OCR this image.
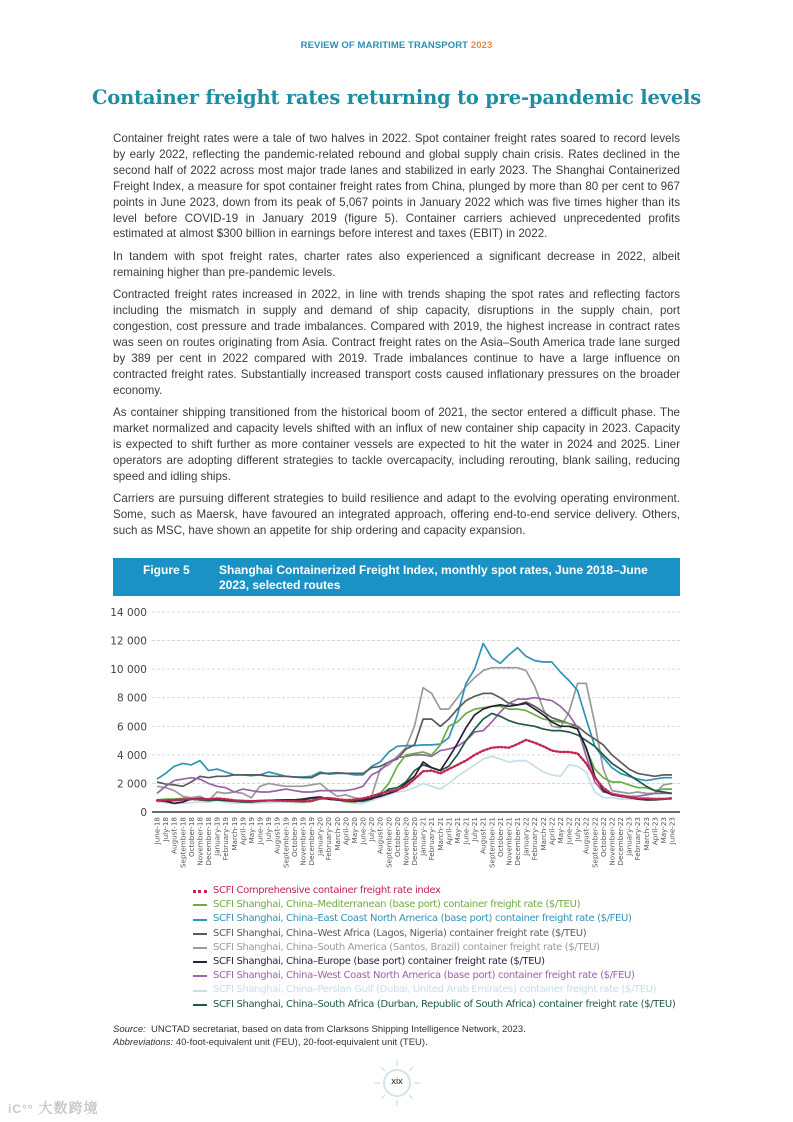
REVIEW OF MARITIME TRANSPORT 2023
Container freight rates returning to pre-pandemic levels

Container freight rates were a tale of two halves in 2022. Spot container freight rates soared to record levels by early 2022, reflecting the pandemic-related rebound and global supply chain crisis. Rates declined in the second half of 2022 across most major trade lanes and stabilized in early 2023. The Shanghai Containerized Freight Index, a measure for spot container freight rates from China, plunged by more than 80 per cent to 967 points in June 2023, down from its peak of 5,067 points in January 2022 which was five times higher than its level before COVID-19 in January 2019 (figure 5). Container carriers achieved unprecedented profits estimated at almost $300 billion in earnings before interest and taxes (EBIT) in 2022.

In tandem with spot freight rates, charter rates also experienced a significant decrease in 2022, albeit remaining higher than pre-pandemic levels.

Contracted freight rates increased in 2022, in line with trends shaping the spot rates and reflecting factors including the mismatch in supply and demand of ship capacity, disruptions in the supply chain, port congestion, cost pressure and trade imbalances. Compared with 2019, the highest increase in contract rates was seen on routes originating from Asia. Contract freight rates on the Asia–South America trade lane surged by 389 per cent in 2022 compared with 2019. Trade imbalances continue to have a large influence on contracted freight rates. Substantially increased transport costs caused inflationary pressures on the broader economy.

As container shipping transitioned from the historical boom of 2021, the sector entered a difficult phase. The market normalized and capacity levels shifted with an influx of new container ship capacity in 2023. Capacity is expected to shift further as more container vessels are expected to hit the water in 2024 and 2025. Liner operators are adopting different strategies to tackle overcapacity, including rerouting, blank sailing, reducing speed and idling ships.

Carriers are pursuing different strategies to build resilience and adapt to the evolving operating environment. Some, such as Maersk, have favoured an integrated approach, offering end-to-end service delivery. Others, such as MSC, have shown an appetite for ship ordering and capacity expansion.

Figure 5 Shanghai Containerized Freight Index, monthly spot rates, June 2018–June 2023, selected routes
0
2 000
4 000
6 000
8 000
10 000
12 000
14 000
June-18 July-18 August-18 September-18 October-18 November-18 December-18 January-19 February-19 March-19 April-19 May-19 June-19 July-19 August-19 September-19 October-19 November-19 December-19 January-20 February-20 March-20 April-20 May-20 June-20 July-20 August-20 September-20 October-20 November-20 December-20 January-21 February-21 March-21 April-21 May-21 June-21 July-21 August-21 September-21 October-21 November-21 December-21 January-22 February-22 March-22 April-22 May-22 June-22 July-22 August-22 September-22 October-22 November-22 December-22 January-23 February-23 March-23 April-23 May-23 June-23
SCFI Comprehensive container freight rate index
SCFI Shanghai, China–Mediterranean (base port) container freight rate ($/TEU)
SCFI Shanghai, China–East Coast North America (base port) container freight rate ($/FEU)
SCFI Shanghai, China–West Africa (Lagos, Nigeria) container freight rate ($/TEU)
SCFI Shanghai, China–South America (Santos, Brazil) container freight rate ($/TEU)
SCFI Shanghai, China–Europe (base port) container freight rate ($/TEU)
SCFI Shanghai, China–West Coast North America (base port) container freight rate ($/FEU)
SCFI Shanghai, China–Persian Gulf (Dubai, United Arab Emirates) container freight rate ($/TEU)
SCFI Shanghai, China–South Africa (Durban, Republic of South Africa) container freight rate ($/TEU)
Source: UNCTAD secretariat, based on data from Clarksons Shipping Intelligence Network, 2023.
Abbreviations: 40-foot-equivalent unit (FEU), 20-foot-equivalent unit (TEU).
xix
iC°° 大数跨境
